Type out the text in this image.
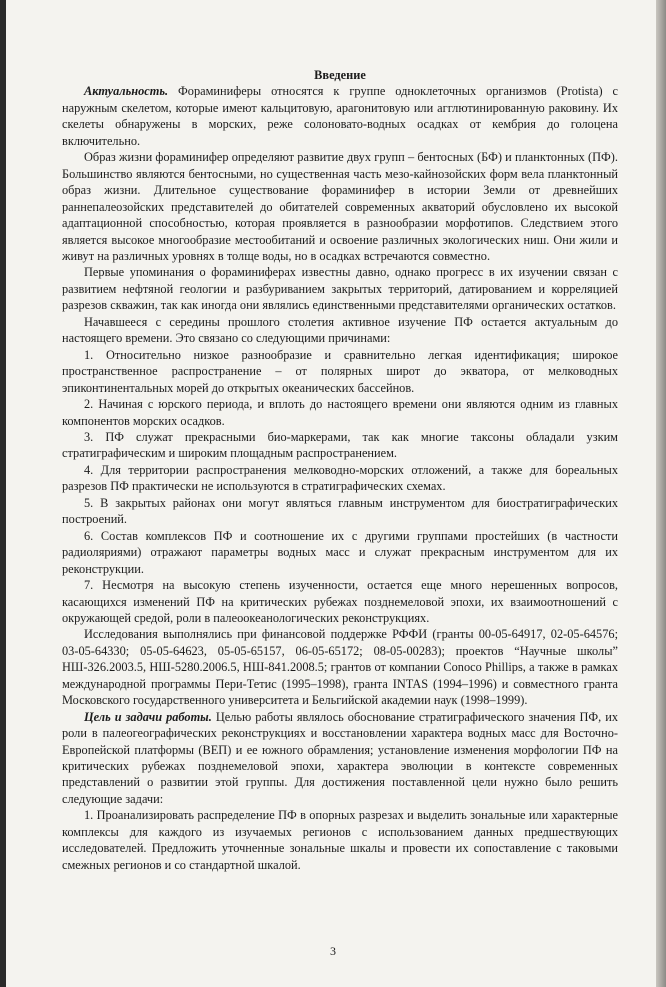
Введение

Актуальность. Фораминиферы относятся к группе одноклеточных организмов (Protista) с наружным скелетом, которые имеют кальцитовую, арагонитовую или агглютинированную раковину. Их скелеты обнаружены в морских, реже солоновато-водных осадках от кембрия до голоцена включительно.

Образ жизни фораминифер определяют развитие двух групп – бентосных (БФ) и планктонных (ПФ). Большинство являются бентосными, но существенная часть мезо-кайнозойских форм вела планктонный образ жизни. Длительное существование фораминифер в истории Земли от древнейших раннепалеозойских представителей до обитателей современных акваторий обусловлено их высокой адаптационной способностью, которая проявляется в разнообразии морфотипов. Следствием этого является высокое многообразие местообитаний и освоение различных экологических ниш. Они жили и живут на различных уровнях в толще воды, но в осадках встречаются совместно.

Первые упоминания о фораминиферах известны давно, однако прогресс в их изучении связан с развитием нефтяной геологии и разбуриванием закрытых территорий, датированием и корреляцией разрезов скважин, так как иногда они являлись единственными представителями органических остатков.

Начавшееся с середины прошлого столетия активное изучение ПФ остается актуальным до настоящего времени. Это связано со следующими причинами:

1. Относительно низкое разнообразие и сравнительно легкая идентификация; широкое пространственное распространение – от полярных широт до экватора, от мелководных эпиконтинентальных морей до открытых океанических бассейнов.

2. Начиная с юрского периода, и вплоть до настоящего времени они являются одним из главных компонентов морских осадков.

3. ПФ служат прекрасными био-маркерами, так как многие таксоны обладали узким стратиграфическим и широким площадным распространением.

4. Для территории распространения мелководно-морских отложений, а также для бореальных разрезов ПФ практически не используются в стратиграфических схемах.

5. В закрытых районах они могут являться главным инструментом для биостратиграфических построений.

6. Состав комплексов ПФ и соотношение их с другими группами простейших (в частности радиоляриями) отражают параметры водных масс и служат прекрасным инструментом для их реконструкции.

7. Несмотря на высокую степень изученности, остается еще много нерешенных вопросов, касающихся изменений ПФ на критических рубежах позднемеловой эпохи, их взаимоотношений с окружающей средой, роли в палеоокеанологических реконструкциях.

Исследования выполнялись при финансовой поддержке РФФИ (гранты 00-05-64917, 02-05-64576; 03-05-64330; 05-05-64623, 05-05-65157, 06-05-65172; 08-05-00283); проектов “Научные школы” НШ-326.2003.5, НШ-5280.2006.5, НШ-841.2008.5; грантов от компании Conoco Phillips, а также в рамках международной программы Пери-Тетис (1995–1998), гранта INTAS (1994–1996) и совместного гранта Московского государственного университета и Бельгийской академии наук (1998–1999).

Цель и задачи работы. Целью работы являлось обоснование стратиграфического значения ПФ, их роли в палеогеографических реконструкциях и восстановлении характера водных масс для Восточно-Европейской платформы (ВЕП) и ее южного обрамления; установление изменения морфологии ПФ на критических рубежах позднемеловой эпохи, характера эволюции в контексте современных представлений о развитии этой группы. Для достижения поставленной цели нужно было решить следующие задачи:

1. Проанализировать распределение ПФ в опорных разрезах и выделить зональные или характерные комплексы для каждого из изучаемых регионов с использованием данных предшествующих исследователей. Предложить уточненные зональные шкалы и провести их сопоставление с таковыми смежных регионов и со стандартной шкалой.

3
